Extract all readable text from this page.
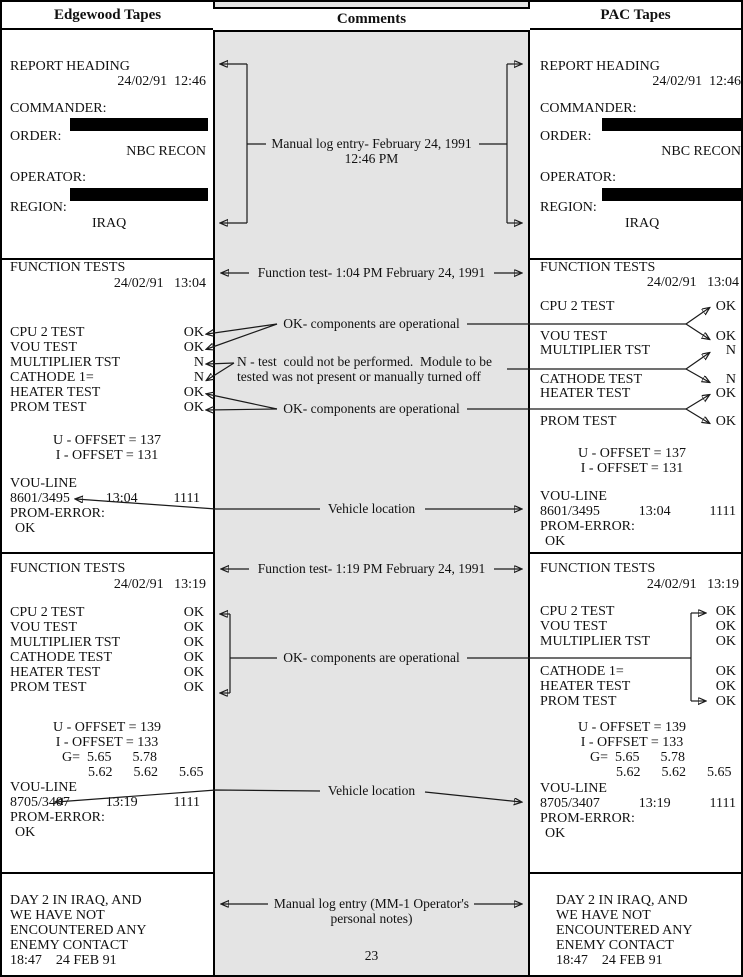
Edgewood Tapes	Comments	PAC Tapes
REPORT HEADING
24/02/91  12:46
COMMANDER:
ORDER:
NBC RECON
OPERATOR:
REGION:
IRAQ
REPORT HEADING
24/02/91  12:46
COMMANDER:
ORDER:
NBC RECON
OPERATOR:
REGION:
IRAQ
FUNCTION TESTS
24/02/91   13:04
CPU 2 TEST	OK
VOU TEST	OK
MULTIPLIER TST	N
CATHODE 1=	N
HEATER TEST	OK
PROM TEST	OK
U - OFFSET = 137
I - OFFSET = 131
VOU-LINE
8601/3495	13:04	1111
PROM-ERROR:
OK
FUNCTION TESTS
24/02/91   13:04
CPU 2 TEST	OK
VOU TEST	OK
MULTIPLIER TST	N
CATHODE TEST	N
HEATER TEST	OK
PROM TEST	OK
U - OFFSET = 137
I - OFFSET = 131
VOU-LINE
8601/3495	13:04	1111
PROM-ERROR:
OK
FUNCTION TESTS
24/02/91   13:19
CPU 2 TEST	OK
VOU TEST	OK
MULTIPLIER TST	OK
CATHODE TEST	OK
HEATER TEST	OK
PROM TEST	OK
U - OFFSET = 139
I - OFFSET = 133
G=  5.65      5.78
5.62      5.62      5.65
VOU-LINE
8705/3407	13:19	1111
PROM-ERROR:
OK
FUNCTION TESTS
24/02/91   13:19
CPU 2 TEST	OK
VOU TEST	OK
MULTIPLIER TST	OK
CATHODE 1=	OK
HEATER TEST	OK
PROM TEST	OK
U - OFFSET = 139
I - OFFSET = 133
G=  5.65      5.78
5.62      5.62      5.65
VOU-LINE
8705/3407	13:19	1111
PROM-ERROR:
OK
DAY 2 IN IRAQ, AND
WE HAVE NOT
ENCOUNTERED ANY
ENEMY CONTACT
18:47    24 FEB 91
DAY 2 IN IRAQ, AND
WE HAVE NOT
ENCOUNTERED ANY
ENEMY CONTACT
18:47    24 FEB 91
Manual log entry- February 24, 1991
12:46 PM
Function test- 1:04 PM February 24, 1991
OK- components are operational
N - test  could not be performed.  Module to be
tested was not present or manually turned off
OK- components are operational
Vehicle location
Function test- 1:19 PM February 24, 1991
OK- components are operational
Vehicle location
Manual log entry (MM-1 Operator's
personal notes)
23
